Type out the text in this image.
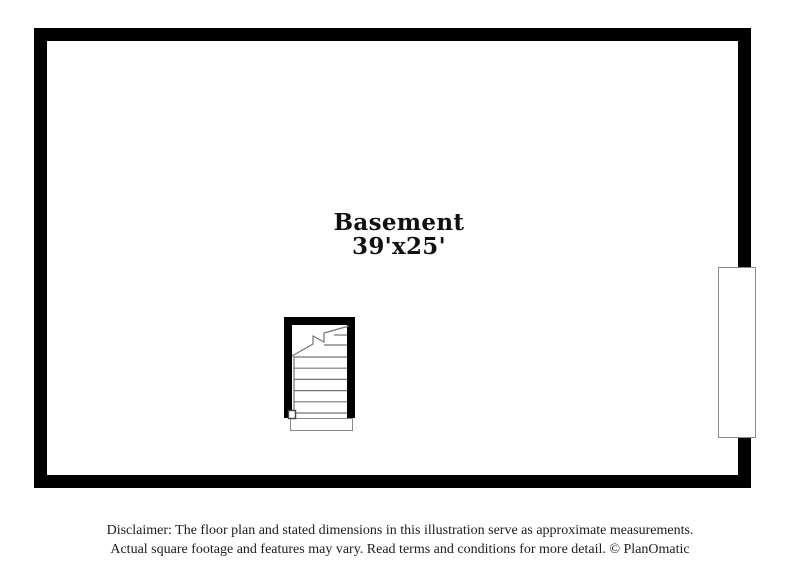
Basement
39'x25'
Disclaimer: The floor plan and stated dimensions in this illustration serve as approximate measurements.
Actual square footage and features may vary. Read terms and conditions for more detail. © PlanOmatic
